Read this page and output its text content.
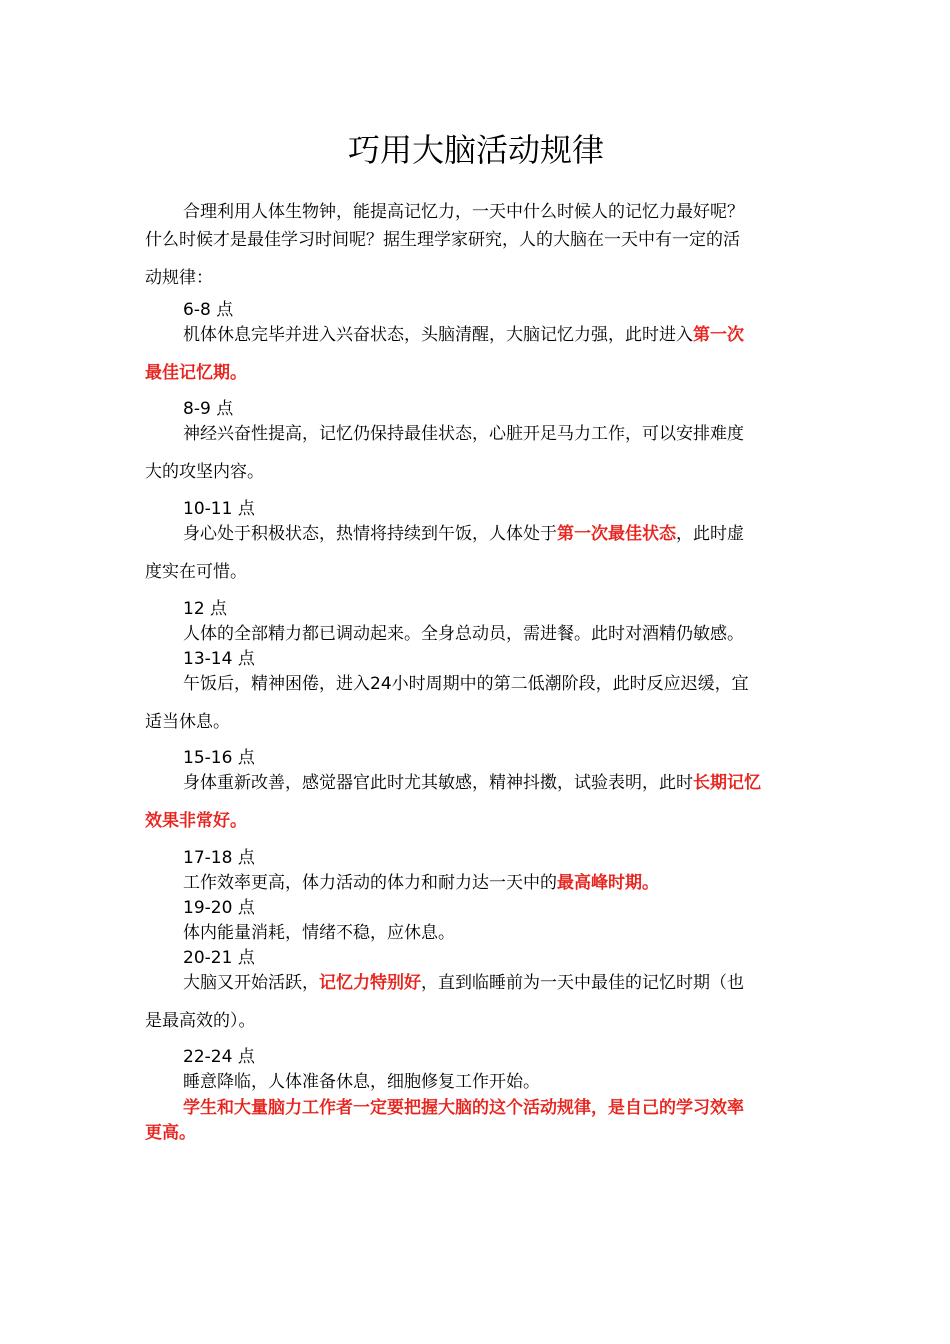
巧用大脑活动规律

合理利用人体生物钟，能提高记忆力，一天中什么时候人的记忆力最好呢？
什么时候才是最佳学习时间呢？据生理学家研究，人的大脑在一天中有一定的活
动规律：

6-8 点
机体休息完毕并进入兴奋状态，头脑清醒，大脑记忆力强，此时进入第一次
最佳记忆期。
8-9 点
神经兴奋性提高，记忆仍保持最佳状态，心脏开足马力工作，可以安排难度
大的攻坚内容。
10-11 点
身心处于积极状态，热情将持续到午饭，人体处于第一次最佳状态，此时虚
度实在可惜。
12 点
人体的全部精力都已调动起来。全身总动员，需进餐。此时对酒精仍敏感。
13-14 点
午饭后，精神困倦，进入24小时周期中的第二低潮阶段，此时反应迟缓，宜
适当休息。
15-16 点
身体重新改善，感觉器官此时尤其敏感，精神抖擞，试验表明，此时长期记忆
效果非常好。
17-18 点
工作效率更高，体力活动的体力和耐力达一天中的最高峰时期。
19-20 点
体内能量消耗，情绪不稳，应休息。
20-21 点
大脑又开始活跃，记忆力特别好，直到临睡前为一天中最佳的记忆时期（也
是最高效的）。
22-24 点
睡意降临，人体准备休息，细胞修复工作开始。
学生和大量脑力工作者一定要把握大脑的这个活动规律，是自己的学习效率
更高。
